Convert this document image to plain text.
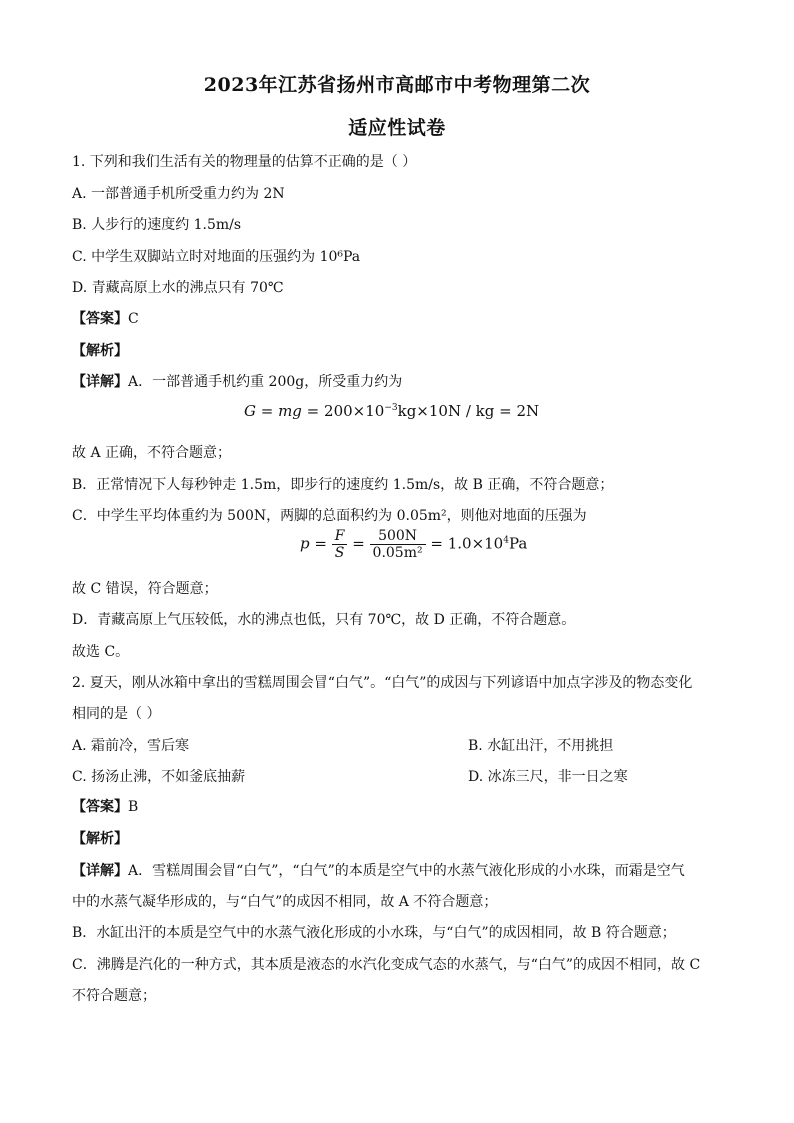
2023年江苏省扬州市高邮市中考物理第二次
适应性试卷
1. 下列和我们生活有关的物理量的估算不正确的是（ ）
A. 一部普通手机所受重力约为 2N
B. 人步行的速度约 1.5m/s
C. 中学生双脚站立时对地面的压强约为 10⁶Pa
D. 青藏高原上水的沸点只有 70℃
【答案】C
【解析】
【详解】A．一部普通手机约重 200g，所受重力约为
G = mg = $200\times 10^{-3}kg\times 10N$ / kg = 2N
故 A 正确，不符合题意；
B．正常情况下人每秒钟走 1.5m，即步行的速度约 1.5m/s，故 B 正确，不符合题意；
C．中学生平均体重约为 500N，两脚的总面积约为 0.05m²，则他对地面的压强为
$p = \frac{F}{S} = \frac{500N}{\text{0.05m²}} = 1.0\times 10^4Pa$
故 C 错误，符合题意；
D．青藏高原上气压较低，水的沸点也低，只有 70℃，故 D 正确，不符合题意。
故选 C。
2. 夏天，刚从冰箱中拿出的雪糕周围会冒“白气”。“白气”的成因与下列谚语中加点字涉及的物态变化
相同的是（ ）
A. 霜前冷，雪后寒	B. 水缸出汗，不用挑担
C. 扬汤止沸，不如釜底抽薪	D. 冰冻三尺，非一日之寒
【答案】B
【解析】
【详解】A．雪糕周围会冒“白气”，“白气”的本质是空气中的水蒸气液化形成的小水珠，而霜是空气
中的水蒸气凝华形成的，与“白气”的成因不相同，故 A 不符合题意；
B．水缸出汗的本质是空气中的水蒸气液化形成的小水珠，与“白气”的成因相同，故 B 符合题意；
C．沸腾是汽化的一种方式，其本质是液态的水汽化变成气态的水蒸气，与“白气”的成因不相同，故 C
不符合题意；
